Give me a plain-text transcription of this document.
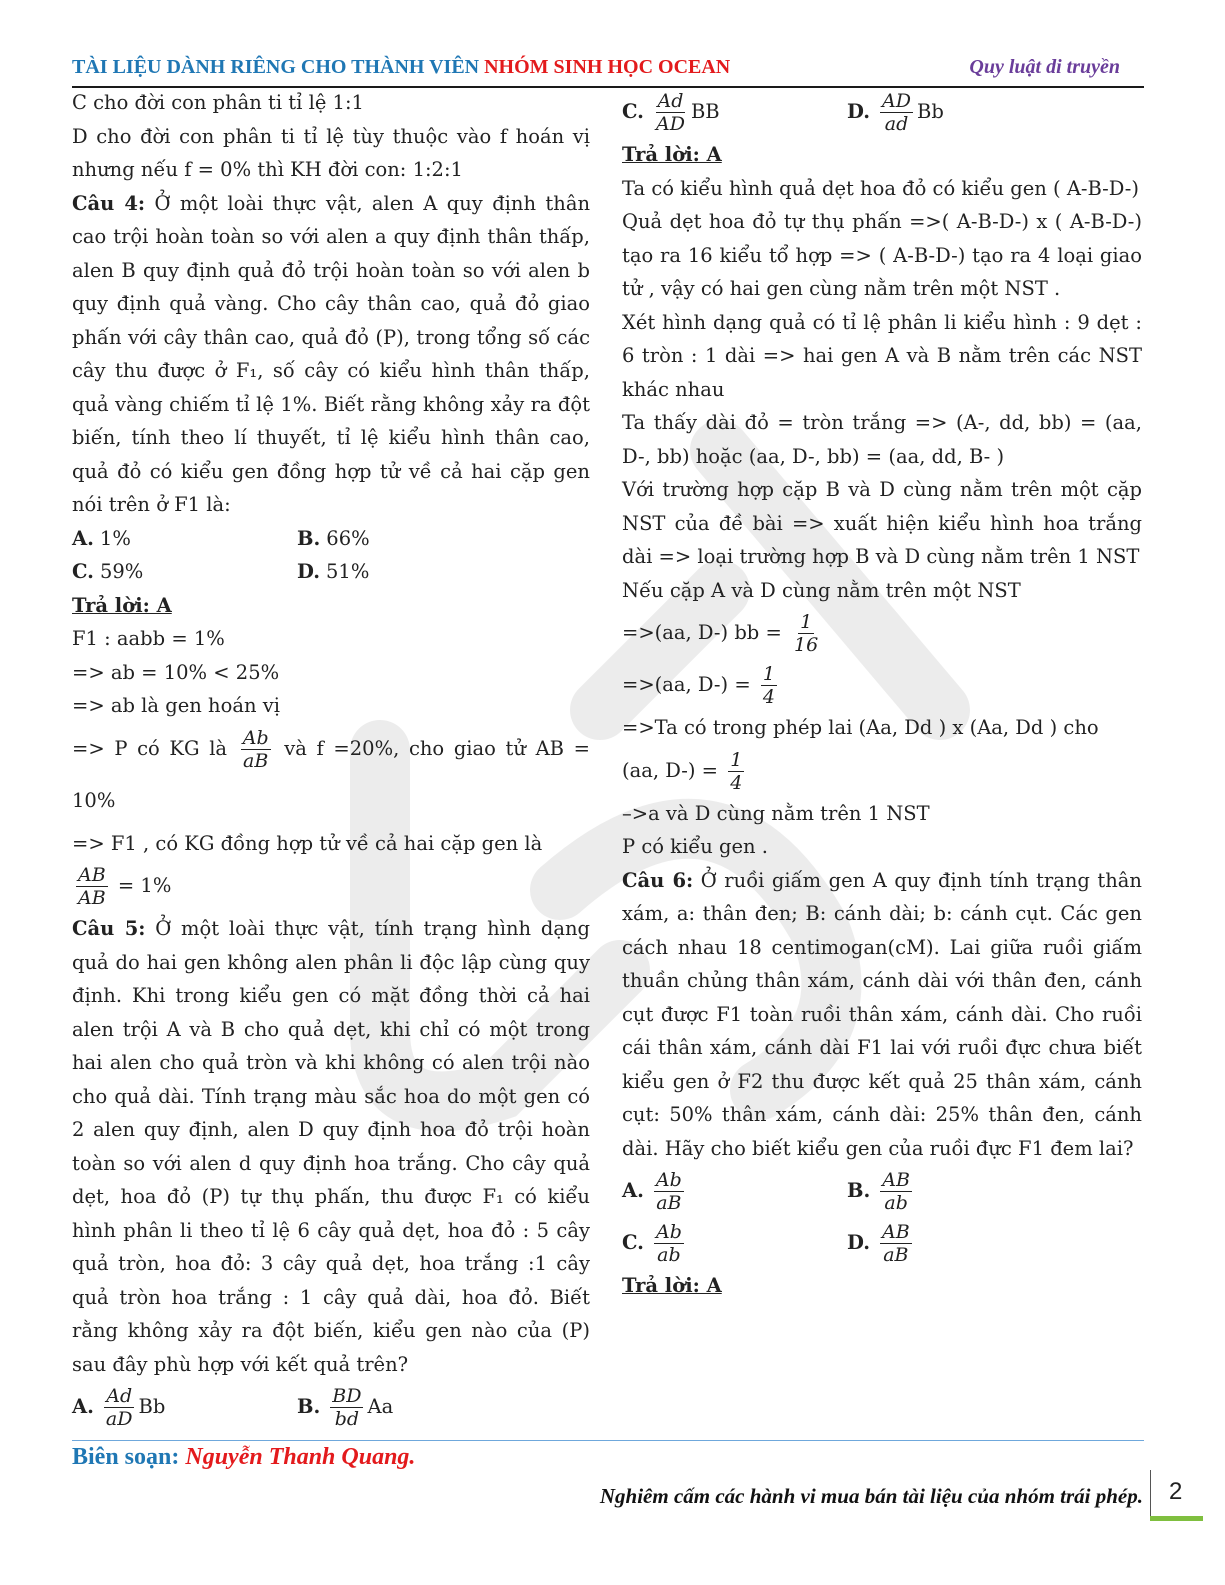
TÀI LIỆU DÀNH RIÊNG CHO THÀNH VIÊN NHÓM SINH HỌC OCEAN	Quy luật di truyền
C cho đời con phân ti tỉ lệ 1:1
D cho đời con phân ti tỉ lệ tùy thuộc vào f hoán vị nhưng nếu f = 0% thì KH đời con: 1:2:1
Câu 4: Ở một loài thực vật, alen A quy định thân cao trội hoàn toàn so với alen a quy định thân thấp, alen B quy định quả đỏ trội hoàn toàn so với alen b quy định quả vàng. Cho cây thân cao, quả đỏ giao phấn với cây thân cao, quả đỏ (P), trong tổng số các cây thu được ở F₁, số cây có kiểu hình thân thấp, quả vàng chiếm tỉ lệ 1%. Biết rằng không xảy ra đột biến, tính theo lí thuyết, tỉ lệ kiểu hình thân cao, quả đỏ có kiểu gen đồng hợp tử về cả hai cặp gen nói trên ở F1 là:
A. 1%	B. 66%
C. 59%	D. 51%
Trả lời: A
F1 : aabb = 1%
=> ab = 10% < 25%
=> ab là gen hoán vị
=> P có KG là $\frac{Ab}{aB}$ và f =20%, cho giao tử AB = 10%
=> F1 , có KG đồng hợp tử về cả hai cặp gen là
$\frac{AB}{AB} = 1\%$
Câu 5: Ở một loài thực vật, tính trạng hình dạng quả do hai gen không alen phân li độc lập cùng quy định. Khi trong kiểu gen có mặt đồng thời cả hai alen trội A và B cho quả dẹt, khi chỉ có một trong hai alen cho quả tròn và khi không có alen trội nào cho quả dài. Tính trạng màu sắc hoa do một gen có 2 alen quy định, alen D quy định hoa đỏ trội hoàn toàn so với alen d quy định hoa trắng. Cho cây quả dẹt, hoa đỏ (P) tự thụ phấn, thu được F₁ có kiểu hình phân li theo tỉ lệ 6 cây quả dẹt, hoa đỏ : 5 cây quả tròn, hoa đỏ: 3 cây quả dẹt, hoa trắng :1 cây quả tròn hoa trắng : 1 cây quả dài, hoa đỏ. Biết rằng không xảy ra đột biến, kiểu gen nào của (P) sau đây phù hợp với kết quả trên?
A. $\frac{Ad}{aD}$ Bb	B. $\frac{BD}{bd}$ Aa
C. $\frac{Ad}{AD}$ BB	D. $\frac{AD}{ad}$ Bb
Trả lời: A
Ta có kiểu hình quả dẹt hoa đỏ có kiểu gen ( A-B-D-)
Quả dẹt hoa đỏ tự thụ phấn =>( A-B-D-) x ( A-B-D-) tạo ra 16 kiểu tổ hợp => ( A-B-D-) tạo ra 4 loại giao tử , vậy có hai gen cùng nằm trên một NST .
Xét hình dạng quả có tỉ lệ phân li kiểu hình : 9 dẹt : 6 tròn : 1 dài => hai gen A và B nằm trên các NST khác nhau
Ta thấy dài đỏ = tròn trắng => (A-, dd, bb) = (aa, D-, bb) hoặc (aa, D-, bb) = (aa, dd, B- )
Với trường hợp cặp B và D cùng nằm trên một cặp NST của đề bài => xuất hiện kiểu hình hoa trắng dài => loại trường hợp B và D cùng nằm trên 1 NST
Nếu cặp A và D cùng nằm trên một NST
=>(aa, D-) bb = $\frac{1}{16}$
=>(aa, $D-) = \frac{1}{4}$
=>Ta có trong phép lai (Aa, Dd ) x (Aa, Dd ) cho
(aa, $D-) = \frac{1}{4}$
–>a và D cùng nằm trên 1 NST
P có kiểu gen .
Câu 6: Ở ruồi giấm gen A quy định tính trạng thân xám, a: thân đen; B: cánh dài; b: cánh cụt. Các gen cách nhau 18 centimogan(cM). Lai giữa ruồi giấm thuần chủng thân xám, cánh dài với thân đen, cánh cụt được F1 toàn ruồi thân xám, cánh dài. Cho ruồi cái thân xám, cánh dài F1 lai với ruồi đực chưa biết kiểu gen ở F2 thu được kết quả 25 thân xám, cánh cụt: 50% thân xám, cánh dài: 25% thân đen, cánh dài. Hãy cho biết kiểu gen của ruồi đực F1 đem lai?
A. $\frac{Ab}{aB}$	B. $\frac{AB}{ab}$
C. $\frac{Ab}{ab}$	D. $\frac{AB}{aB}$
Trả lời: A
Biên soạn: Nguyễn Thanh Quang.
Nghiêm cấm các hành vi mua bán tài liệu của nhóm trái phép. 2
